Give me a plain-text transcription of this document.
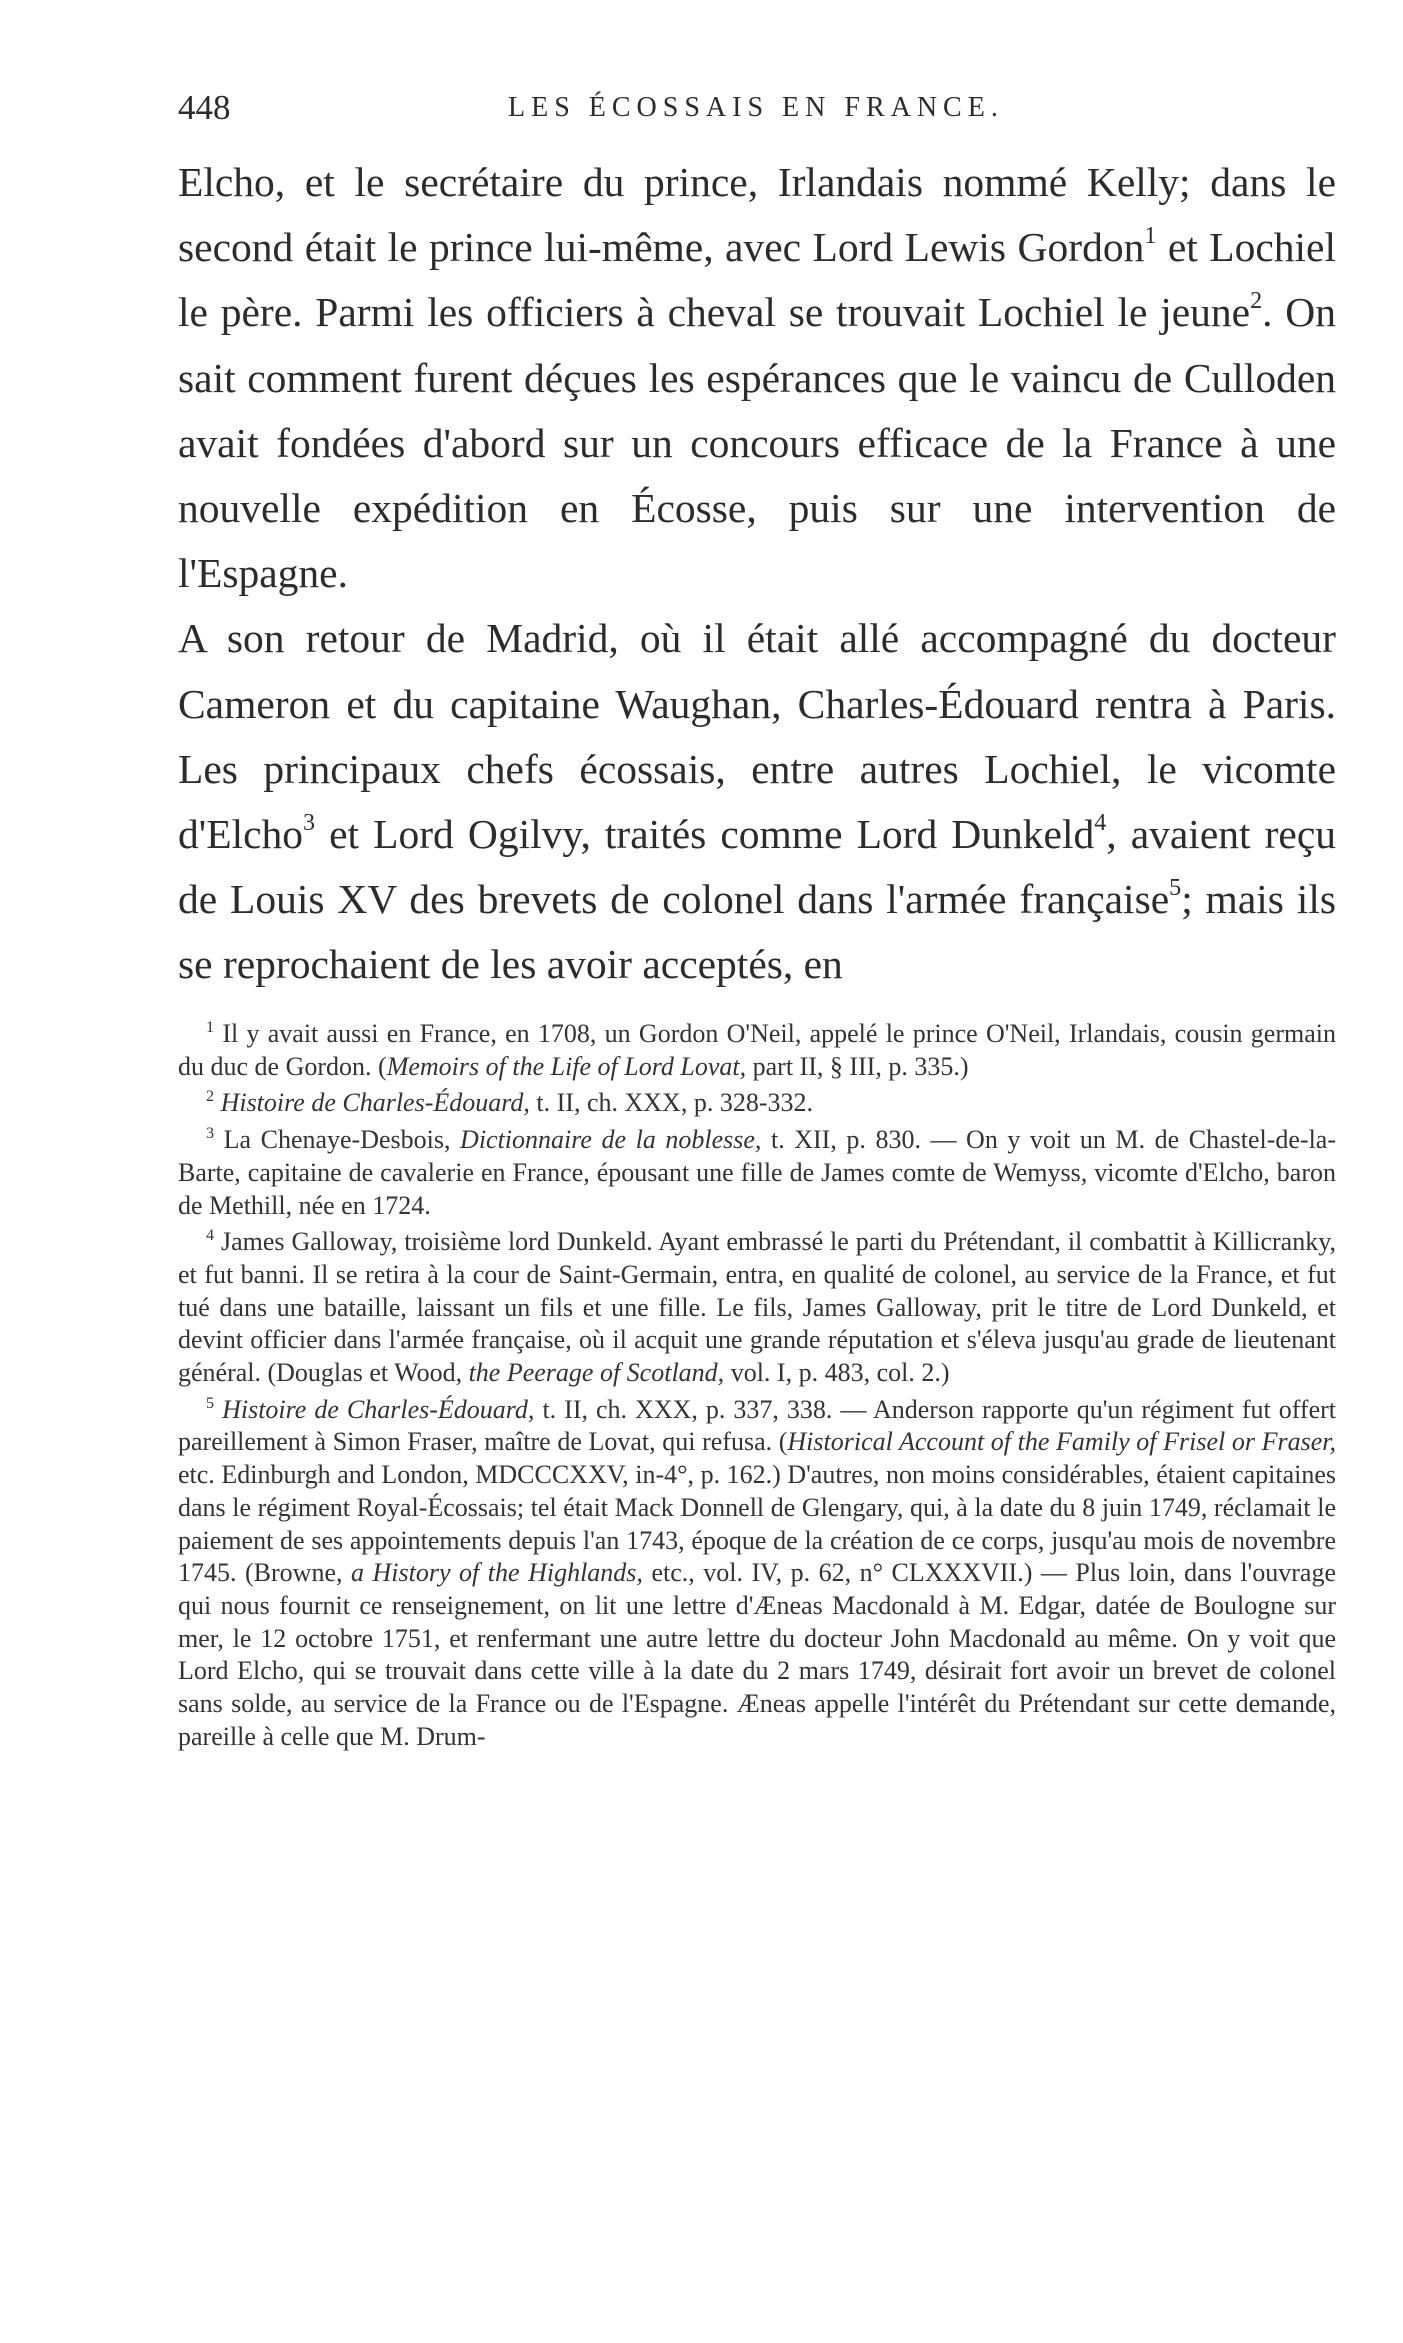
448	LES ÉCOSSAIS EN FRANCE.

Elcho, et le secrétaire du prince, Irlandais nommé Kelly; dans le second était le prince lui-même, avec Lord Lewis Gordon$^1$ et Lochiel le père. Parmi les officiers à cheval se trouvait Lochiel le jeune$^2$. On sait comment furent déçues les espérances que le vaincu de Culloden avait fondées d'abord sur un concours efficace de la France à une nouvelle expédition en Écosse, puis sur une intervention de l'Espagne.

A son retour de Madrid, où il était allé accompagné du docteur Cameron et du capitaine Waughan, Charles-Édouard rentra à Paris. Les principaux chefs écossais, entre autres Lochiel, le vicomte d'Elcho$^3$ et Lord Ogilvy, traités comme Lord Dunkeld$^4$, avaient reçu de Louis XV des brevets de colonel dans l'armée française$^5$; mais ils se reprochaient de les avoir acceptés, en

$^1$ Il y avait aussi en France, en 1708, un Gordon O'Neil, appelé le prince O'Neil, Irlandais, cousin germain du duc de Gordon. (Memoirs of the Life of Lord Lovat, part II, § III, p. 335.)

$^2$ Histoire de Charles-Édouard, t. II, ch. XXX, p. 328-332.

$^3$ La Chenaye-Desbois, Dictionnaire de la noblesse, t. XII, p. 830. — On y voit un M. de Chastel-de-la-Barte, capitaine de cavalerie en France, épousant une fille de James comte de Wemyss, vicomte d'Elcho, baron de Methill, née en 1724.

$^4$ James Galloway, troisième lord Dunkeld. Ayant embrassé le parti du Prétendant, il combattit à Killicranky, et fut banni. Il se retira à la cour de Saint-Germain, entra, en qualité de colonel, au service de la France, et fut tué dans une bataille, laissant un fils et une fille. Le fils, James Galloway, prit le titre de Lord Dunkeld, et devint officier dans l'armée française, où il acquit une grande réputation et s'éleva jusqu'au grade de lieutenant général. (Douglas et Wood, the Peerage of Scotland, vol. I, p. 483, col. 2.)

$^5$ Histoire de Charles-Édouard, t. II, ch. XXX, p. 337, 338. — Anderson rapporte qu'un régiment fut offert pareillement à Simon Fraser, maître de Lovat, qui refusa. (Historical Account of the Family of Frisel or Fraser, etc. Edinburgh and London, MDCCCXXV, in-4°, p. 162.) D'autres, non moins considérables, étaient capitaines dans le régiment Royal-Écossais; tel était Mack Donnell de Glengary, qui, à la date du 8 juin 1749, réclamait le paiement de ses appointements depuis l'an 1743, époque de la création de ce corps, jusqu'au mois de novembre 1745. (Browne, a History of the Highlands, etc., vol. IV, p. 62, n° CLXXXVII.) — Plus loin, dans l'ouvrage qui nous fournit ce renseignement, on lit une lettre d'Æneas Macdonald à M. Edgar, datée de Boulogne sur mer, le 12 octobre 1751, et renfermant une autre lettre du docteur John Macdonald au même. On y voit que Lord Elcho, qui se trouvait dans cette ville à la date du 2 mars 1749, désirait fort avoir un brevet de colonel sans solde, au service de la France ou de l'Espagne. Æneas appelle l'intérêt du Prétendant sur cette demande, pareille à celle que M. Drum-
